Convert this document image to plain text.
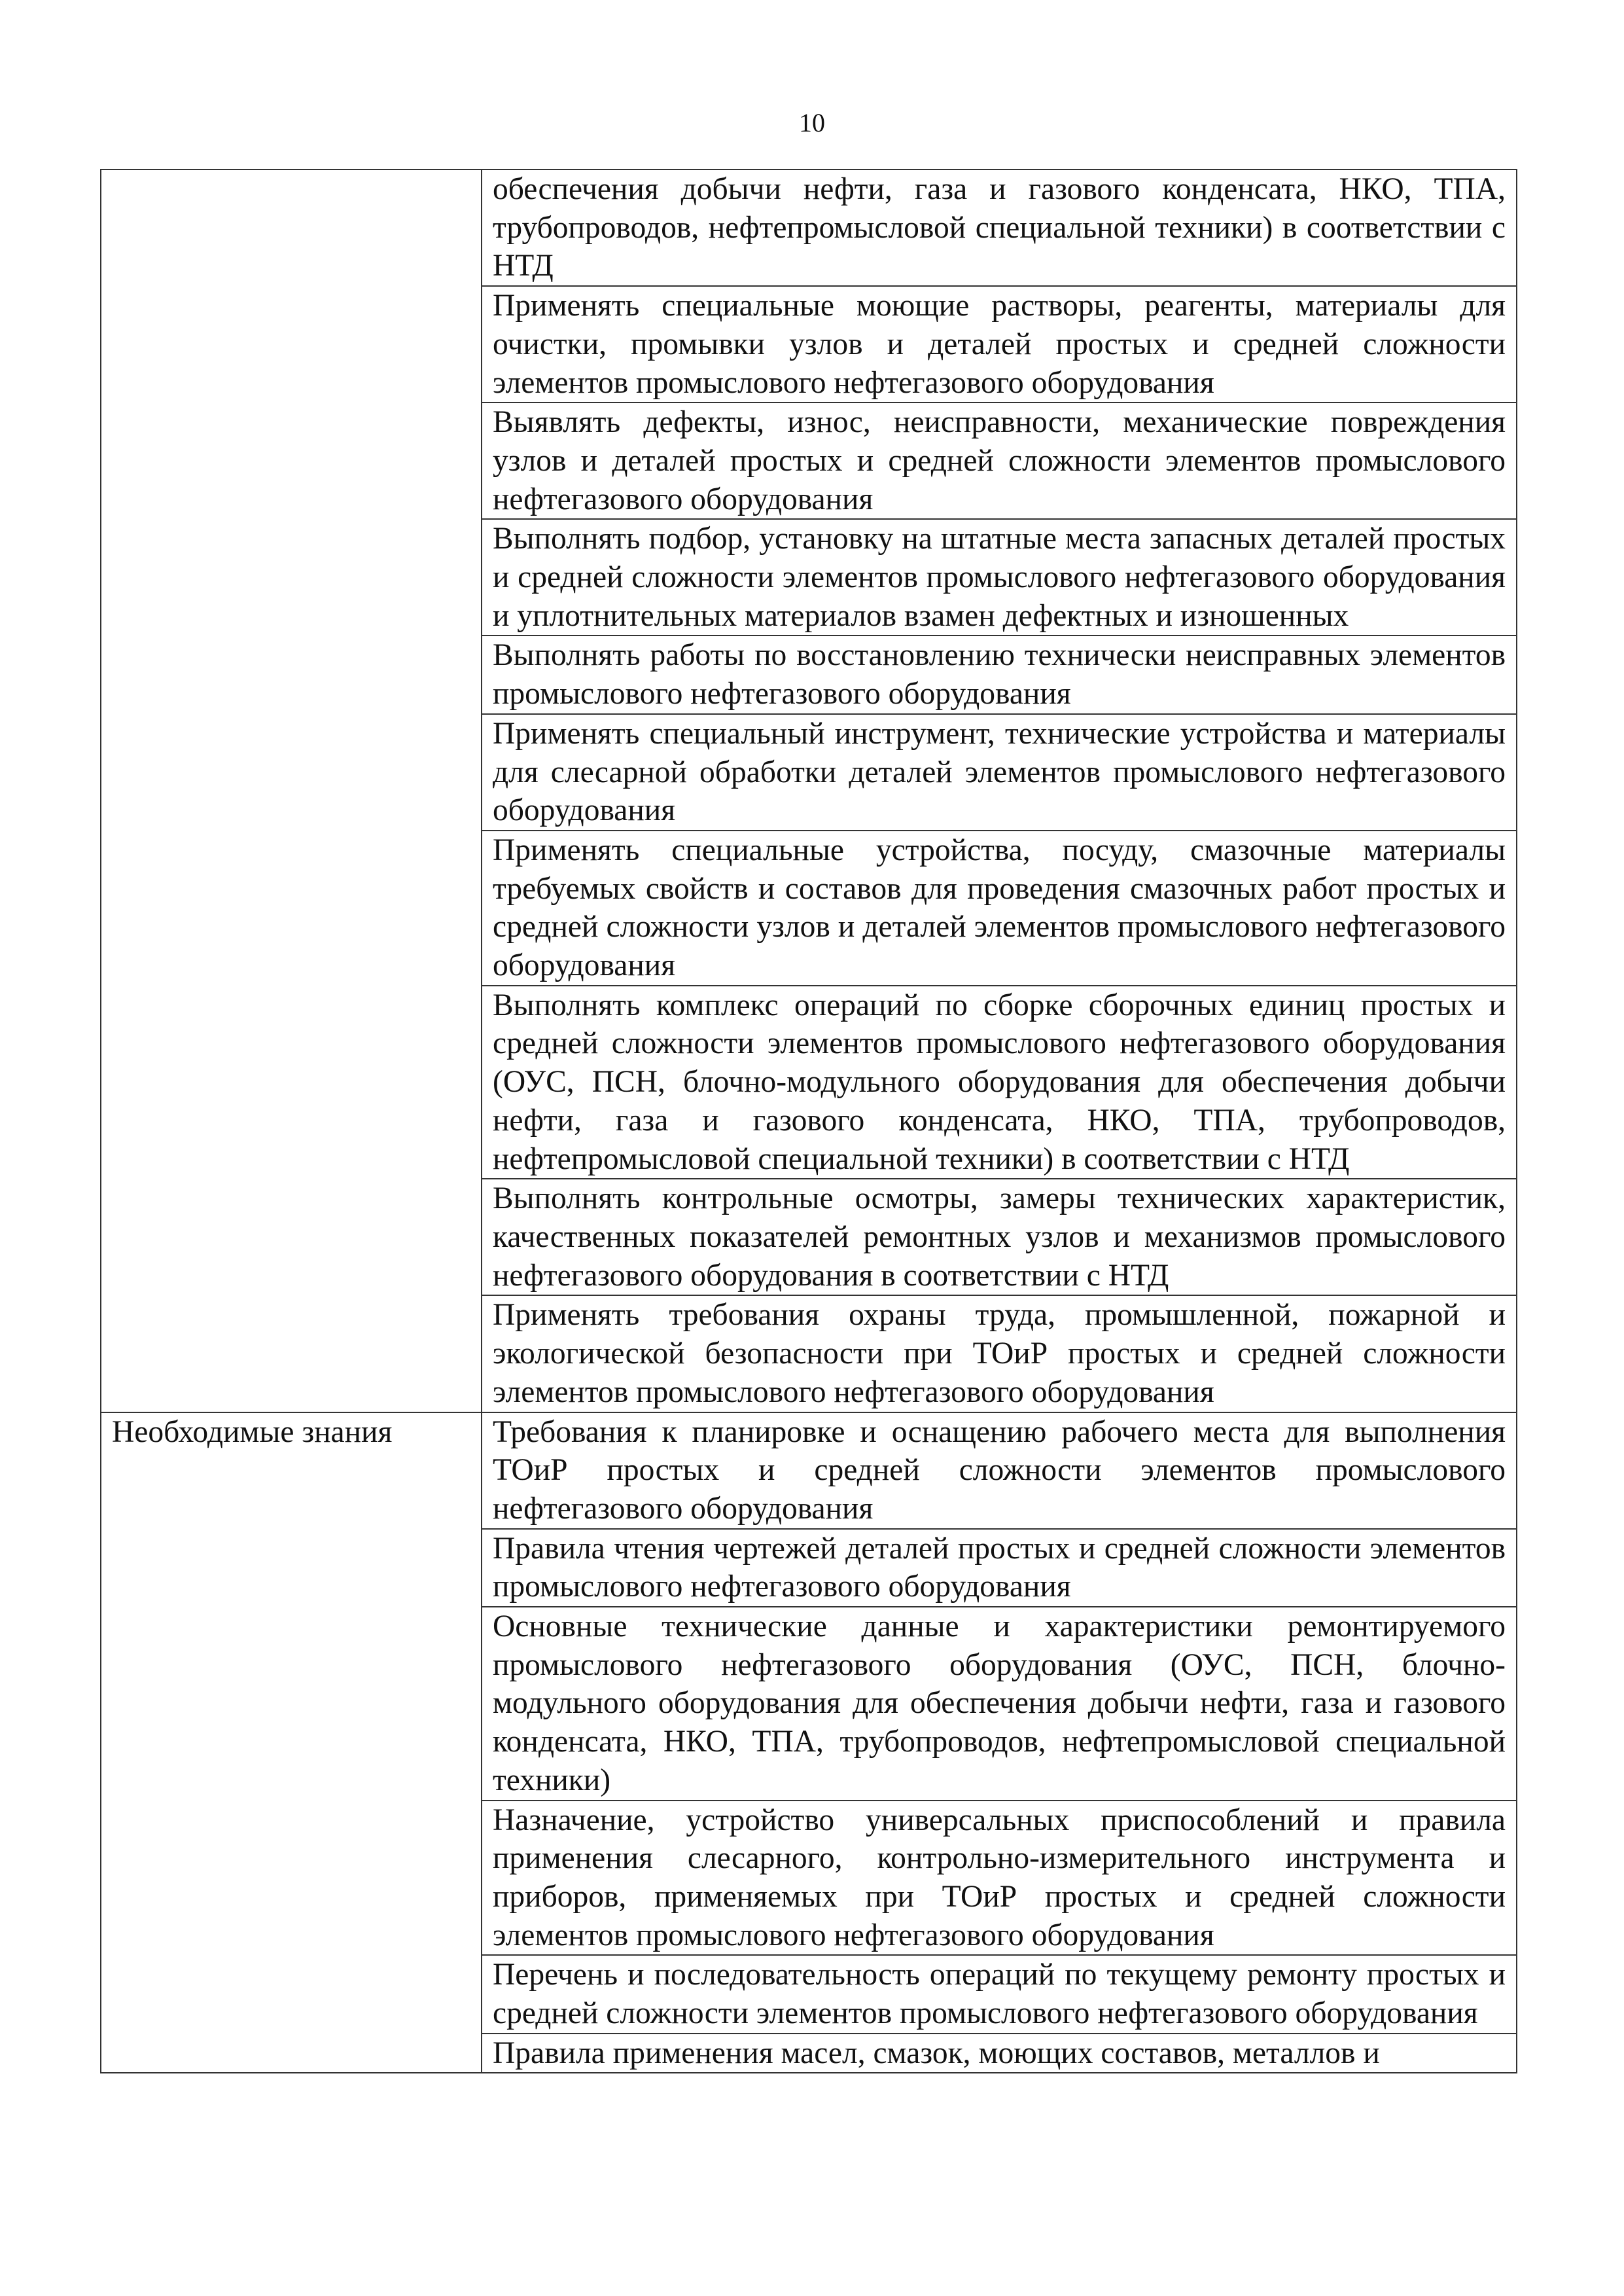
10
	обеспечения добычи нефти, газа и газового конденсата, НКО, ТПА, трубопроводов, нефтепромысловой специальной техники) в соответствии с НТД
	Применять специальные моющие растворы, реагенты, материалы для очистки, промывки узлов и деталей простых и средней сложности элементов промыслового нефтегазового оборудования
	Выявлять дефекты, износ, неисправности, механические повреждения узлов и деталей простых и средней сложности элементов промыслового нефтегазового оборудования
	Выполнять подбор, установку на штатные места запасных деталей простых и средней сложности элементов промыслового нефтегазового оборудования и уплотнительных материалов взамен дефектных и изношенных
	Выполнять работы по восстановлению технически неисправных элементов промыслового нефтегазового оборудования
	Применять специальный инструмент, технические устройства и материалы для слесарной обработки деталей элементов промыслового нефтегазового оборудования
	Применять специальные устройства, посуду, смазочные материалы требуемых свойств и составов для проведения смазочных работ простых и средней сложности узлов и деталей элементов промыслового нефтегазового оборудования
	Выполнять комплекс операций по сборке сборочных единиц простых и средней сложности элементов промыслового нефтегазового оборудования (ОУС, ПСН, блочно-модульного оборудования для обеспечения добычи нефти, газа и газового конденсата, НКО, ТПА, трубопроводов, нефтепромысловой специальной техники) в соответствии с НТД
	Выполнять контрольные осмотры, замеры технических характеристик, качественных показателей ремонтных узлов и механизмов промыслового нефтегазового оборудования в соответствии с НТД
	Применять требования охраны труда, промышленной, пожарной и экологической безопасности при ТОиР простых и средней сложности элементов промыслового нефтегазового оборудования
Необходимые знания	Требования к планировке и оснащению рабочего места для выполнения ТОиР простых и средней сложности элементов промыслового нефтегазового оборудования
	Правила чтения чертежей деталей простых и средней сложности элементов промыслового нефтегазового оборудования
	Основные технические данные и характеристики ремонтируемого промыслового нефтегазового оборудования (ОУС, ПСН, блочно-модульного оборудования для обеспечения добычи нефти, газа и газового конденсата, НКО, ТПА, трубопроводов, нефтепромысловой специальной техники)
	Назначение, устройство универсальных приспособлений и правила применения слесарного, контрольно-измерительного инструмента и приборов, применяемых при ТОиР простых и средней сложности элементов промыслового нефтегазового оборудования
	Перечень и последовательность операций по текущему ремонту простых и средней сложности элементов промыслового нефтегазового оборудования
	Правила применения масел, смазок, моющих составов, металлов и
